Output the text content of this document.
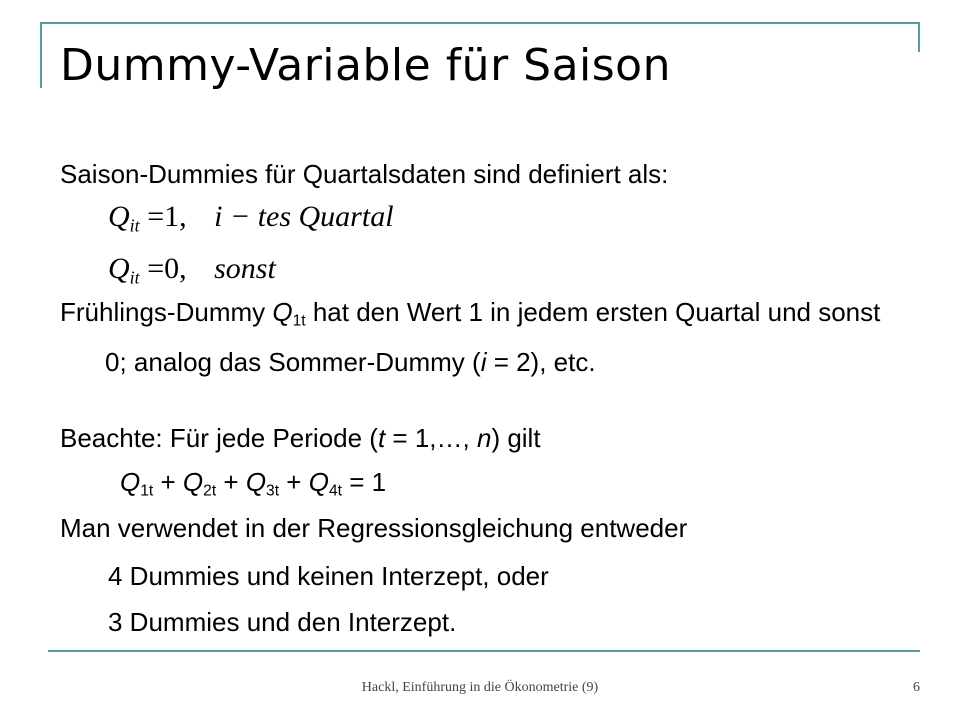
Dummy-Variable für Saison
Saison-Dummies für Quartalsdaten sind definiert als:
$Q_{it} =1$, i − tes Quartal
$Q_{it} =0$, sonst
Frühlings-Dummy $Q_{1t}$ hat den Wert 1 in jedem ersten Quartal und sonst 0; analog das Sommer-Dummy (i = 2), etc.
Beachte: Für jede Periode (t = 1,…, n) gilt
$Q_{1t} + Q_{2t} + Q_{3t} + Q_{4t} = 1$
Man verwendet in der Regressionsgleichung entweder
4 Dummies und keinen Interzept, oder
3 Dummies und den Interzept.
Hackl, Einführung in die Ökonometrie (9)	6
